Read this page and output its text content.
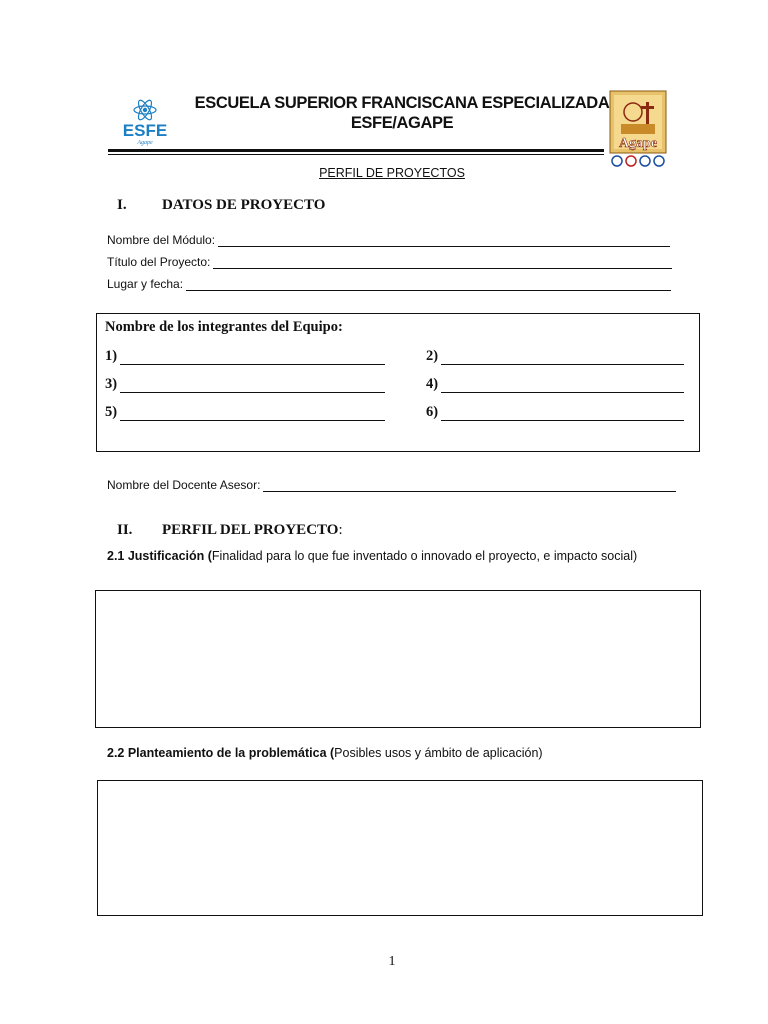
ESFE
Agape
ESCUELA SUPERIOR FRANCISCANA ESPECIALIZADA
ESFE/AGAPE
Agape
PERFIL DE PROYECTOS
I. DATOS DE PROYECTO
Nombre del Módulo:
Título del Proyecto:
Lugar y fecha:
Nombre de los integrantes del Equipo:
1)	2)
3)	4)
5)	6)
Nombre del Docente Asesor:
II. PERFIL DEL PROYECTO:
2.1 Justificación (Finalidad para lo que fue inventado o innovado el proyecto, e impacto social)
2.2 Planteamiento de la problemática (Posibles usos y ámbito de aplicación)
1
